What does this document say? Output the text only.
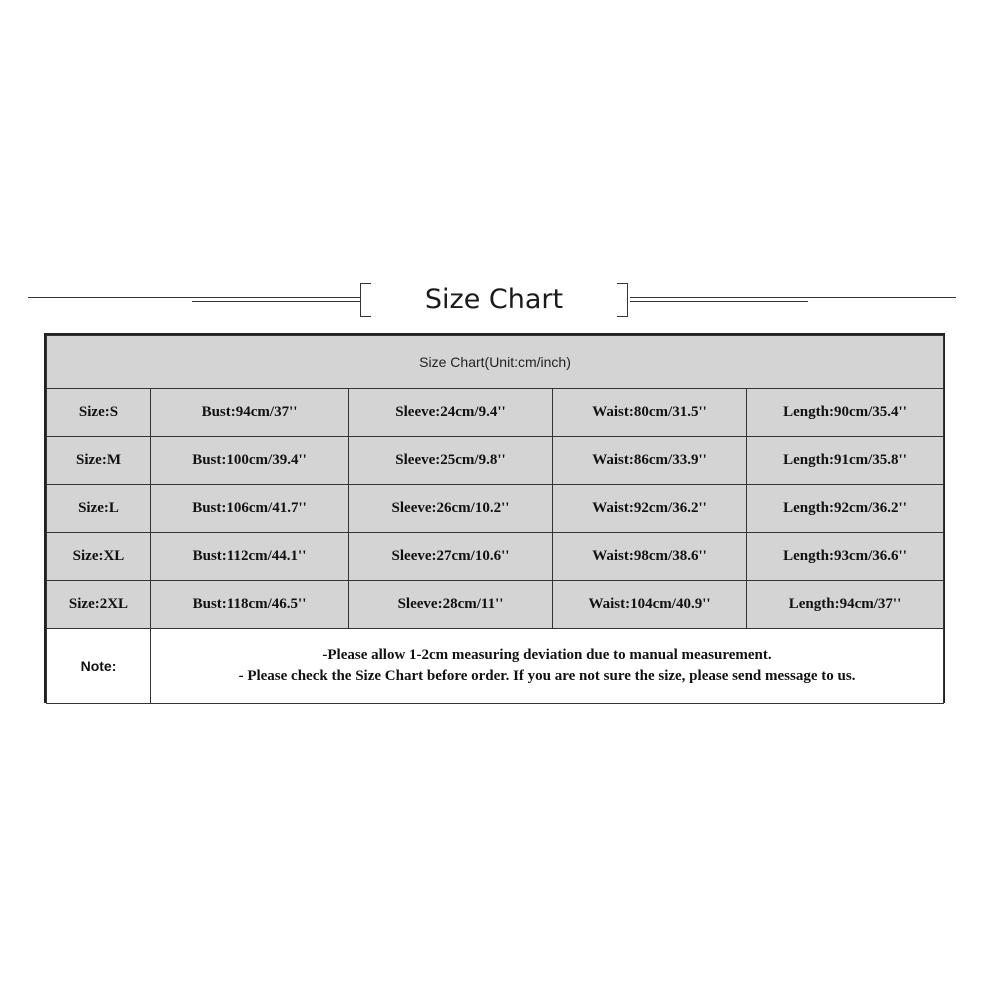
Size Chart
Size Chart(Unit:cm/inch)				
Size:S	Bust:94cm/37''	Sleeve:24cm/9.4''	Waist:80cm/31.5''	Length:90cm/35.4''
Size:M	Bust:100cm/39.4''	Sleeve:25cm/9.8''	Waist:86cm/33.9''	Length:91cm/35.8''
Size:L	Bust:106cm/41.7''	Sleeve:26cm/10.2''	Waist:92cm/36.2''	Length:92cm/36.2''
Size:XL	Bust:112cm/44.1''	Sleeve:27cm/10.6''	Waist:98cm/38.6''	Length:93cm/36.6''
Size:2XL	Bust:118cm/46.5''	Sleeve:28cm/11''	Waist:104cm/40.9''	Length:94cm/37''
Note:	-Please allow 1-2cm measuring deviation due to manual measurement.
- Please check the Size Chart before order. If you are not sure the size, please send message to us.			
